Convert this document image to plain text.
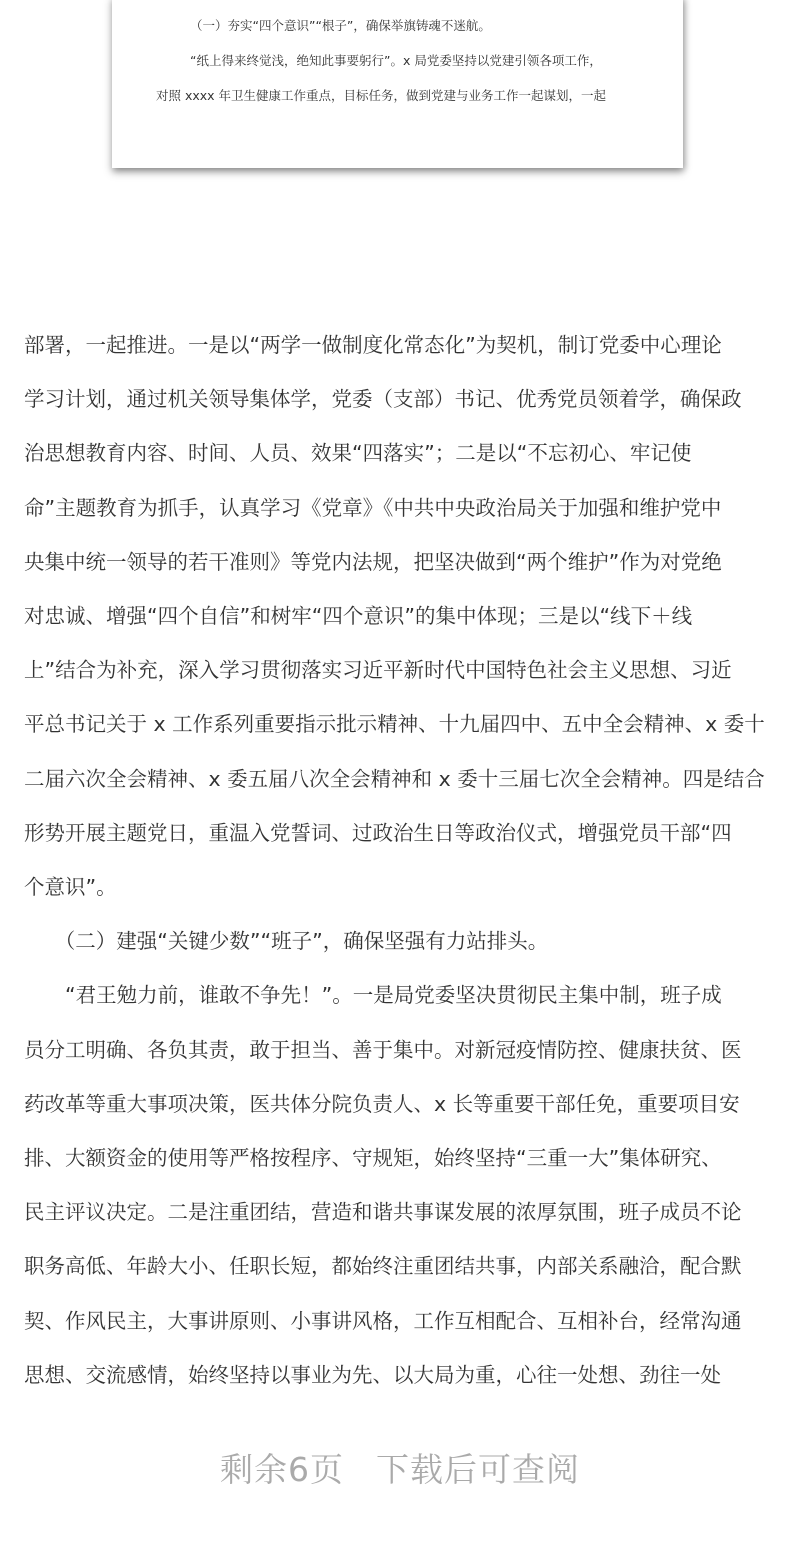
（一）夯实“四个意识”“根子”，确保举旗铸魂不迷航。
“纸上得来终觉浅，绝知此事要躬行”。x 局党委坚持以党建引领各项工作，
对照 xxxx 年卫生健康工作重点，目标任务，做到党建与业务工作一起谋划，一起
部署，一起推进。一是以“两学一做制度化常态化”为契机，制订党委中心理论
学习计划，通过机关领导集体学，党委（支部）书记、优秀党员领着学，确保政
治思想教育内容、时间、人员、效果“四落实”；二是以“不忘初心、牢记使
命”主题教育为抓手，认真学习《党章》《中共中央政治局关于加强和维护党中
央集中统一领导的若干准则》等党内法规，把坚决做到“两个维护”作为对党绝
对忠诚、增强“四个自信”和树牢“四个意识”的集中体现；三是以“线下＋线
上”结合为补充，深入学习贯彻落实习近平新时代中国特色社会主义思想、习近
平总书记关于 x 工作系列重要指示批示精神、十九届四中、五中全会精神、x 委十
二届六次全会精神、x 委五届八次全会精神和 x 委十三届七次全会精神。四是结合
形势开展主题党日，重温入党誓词、过政治生日等政治仪式，增强党员干部“四
个意识”。
　　（二）建强“关键少数”“班子”，确保坚强有力站排头。
　　“君王勉力前，谁敢不争先！”。一是局党委坚决贯彻民主集中制，班子成
员分工明确、各负其责，敢于担当、善于集中。对新冠疫情防控、健康扶贫、医
药改革等重大事项决策，医共体分院负责人、x 长等重要干部任免，重要项目安
排、大额资金的使用等严格按程序、守规矩，始终坚持“三重一大”集体研究、
民主评议决定。二是注重团结，营造和谐共事谋发展的浓厚氛围，班子成员不论
职务高低、年龄大小、任职长短，都始终注重团结共事，内部关系融洽，配合默
契、作风民主，大事讲原则、小事讲风格，工作互相配合、互相补台，经常沟通
思想、交流感情，始终坚持以事业为先、以大局为重，心往一处想、劲往一处
剩余6页 下载后可查阅
